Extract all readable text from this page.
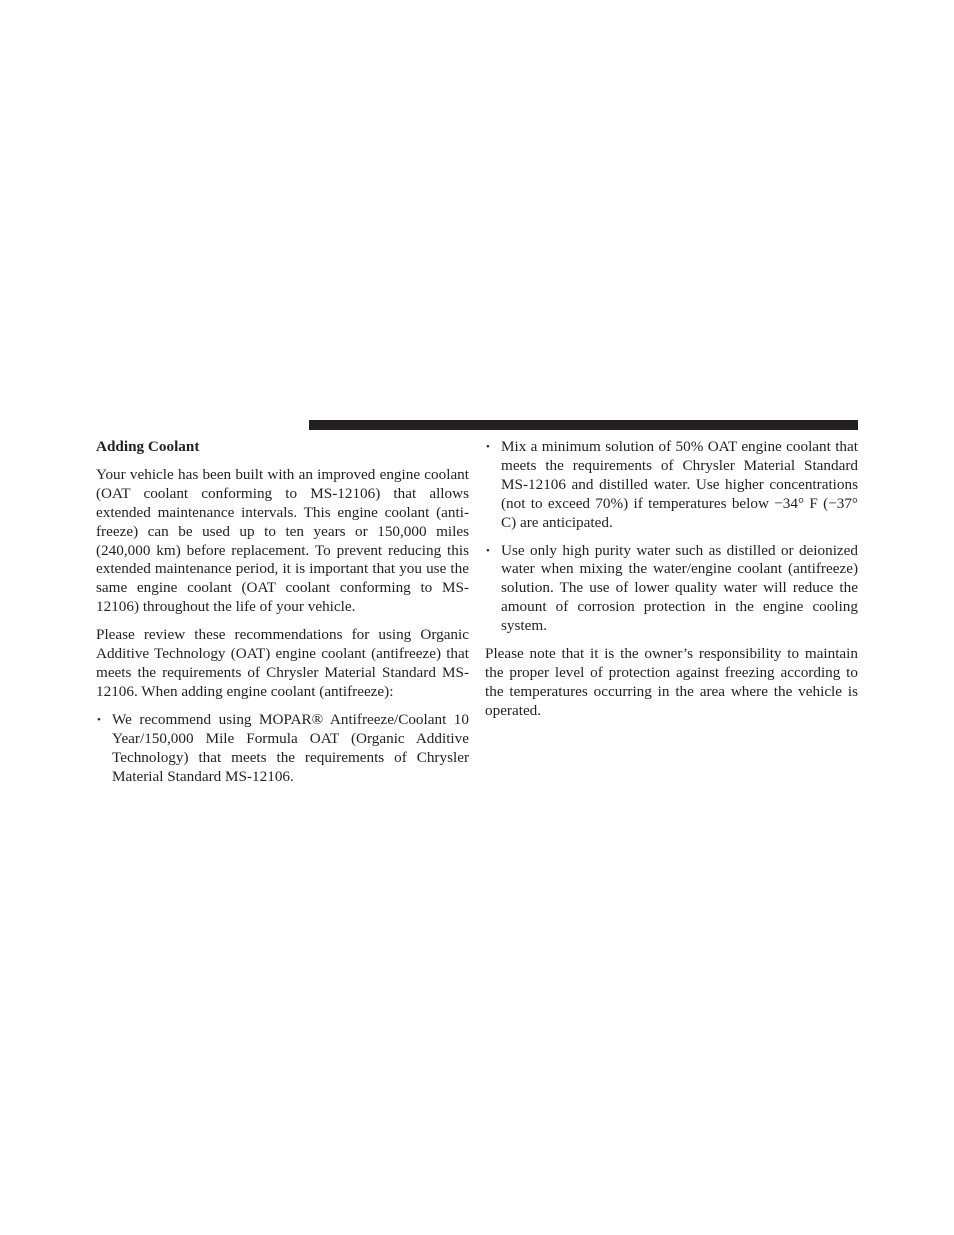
Adding Coolant

Your vehicle has been built with an improved engine coolant (OAT coolant conforming to MS-12106) that allows extended maintenance intervals. This engine coolant (antifreeze) can be used up to ten years or 150,000 miles (240,000 km) before replacement. To prevent reducing this extended maintenance period, it is important that you use the same engine coolant (OAT coolant conforming to MS-12106) throughout the life of your vehicle.

Please review these recommendations for using Organic Additive Technology (OAT) engine coolant (antifreeze) that meets the requirements of Chrysler Material Standard MS-12106. When adding engine coolant (antifreeze):

• We recommend using MOPAR® Antifreeze/Coolant 10 Year/150,000 Mile Formula OAT (Organic Additive Technology) that meets the requirements of Chrysler Material Standard MS-12106.
• Mix a minimum solution of 50% OAT engine coolant that meets the requirements of Chrysler Material Standard MS-12106 and distilled water. Use higher concentrations (not to exceed 70%) if temperatures below −34° F (−37° C) are anticipated.
• Use only high purity water such as distilled or deionized water when mixing the water/engine coolant (antifreeze) solution. The use of lower quality water will reduce the amount of corrosion protection in the engine cooling system.

Please note that it is the owner’s responsibility to maintain the proper level of protection against freezing according to the temperatures occurring in the area where the vehicle is operated.
